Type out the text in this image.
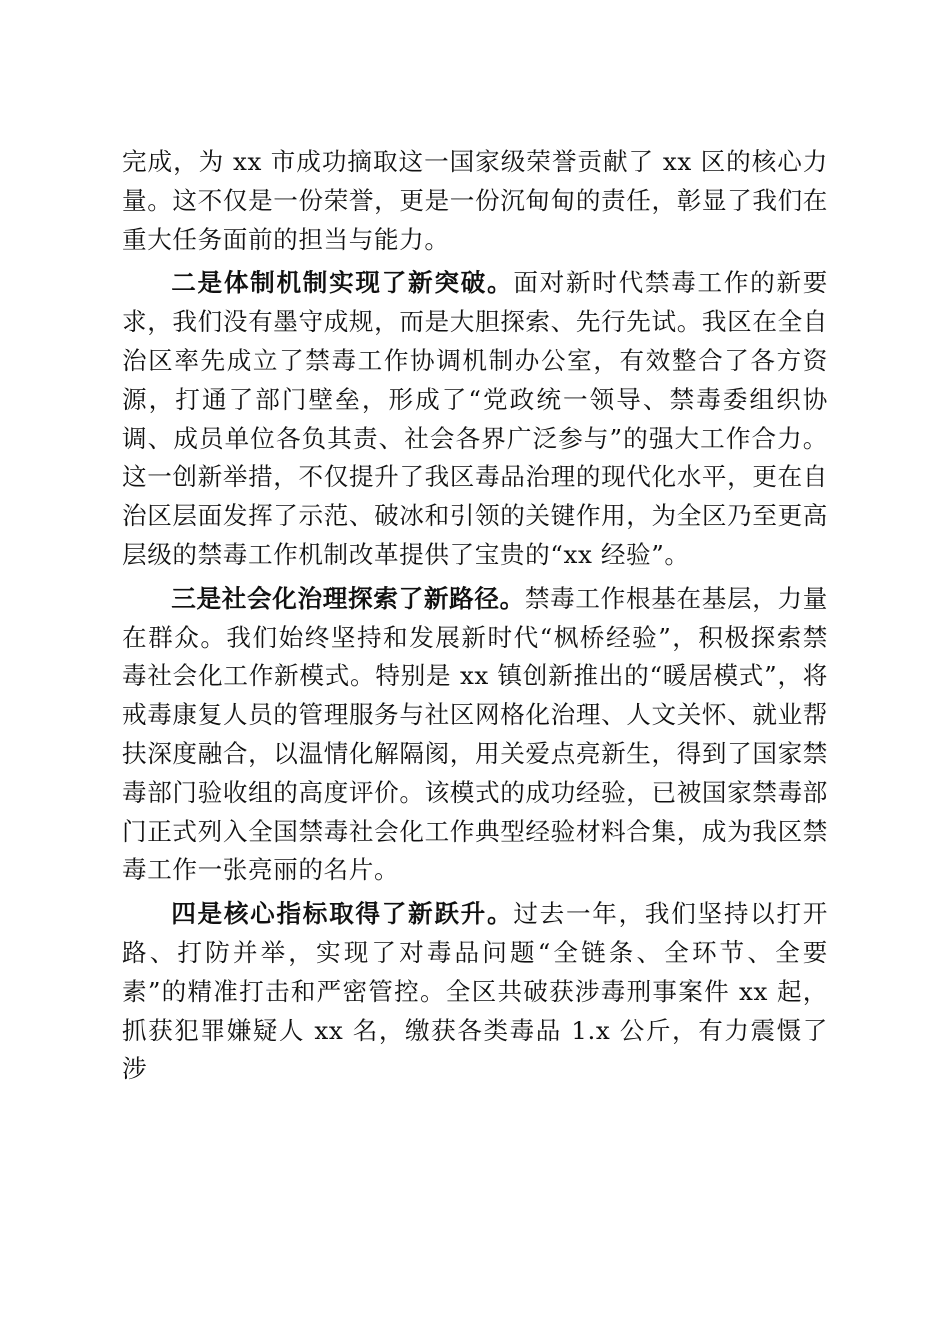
完成，为 xx 市成功摘取这一国家级荣誉贡献了 xx 区的核心力量。这不仅是一份荣誉，更是一份沉甸甸的责任，彰显了我们在重大任务面前的担当与能力。

二是体制机制实现了新突破。面对新时代禁毒工作的新要求，我们没有墨守成规，而是大胆探索、先行先试。我区在全自治区率先成立了禁毒工作协调机制办公室，有效整合了各方资源，打通了部门壁垒，形成了“党政统一领导、禁毒委组织协调、成员单位各负其责、社会各界广泛参与”的强大工作合力。这一创新举措，不仅提升了我区毒品治理的现代化水平，更在自治区层面发挥了示范、破冰和引领的关键作用，为全区乃至更高层级的禁毒工作机制改革提供了宝贵的“xx 经验”。

三是社会化治理探索了新路径。禁毒工作根基在基层，力量在群众。我们始终坚持和发展新时代“枫桥经验”，积极探索禁毒社会化工作新模式。特别是 xx 镇创新推出的“暖居模式”，将戒毒康复人员的管理服务与社区网格化治理、人文关怀、就业帮扶深度融合，以温情化解隔阂，用关爱点亮新生，得到了国家禁毒部门验收组的高度评价。该模式的成功经验，已被国家禁毒部门正式列入全国禁毒社会化工作典型经验材料合集，成为我区禁毒工作一张亮丽的名片。

四是核心指标取得了新跃升。过去一年，我们坚持以打开路、打防并举，实现了对毒品问题“全链条、全环节、全要素”的精准打击和严密管控。全区共破获涉毒刑事案件 xx 起，抓获犯罪嫌疑人 xx 名，缴获各类毒品 1.x 公斤，有力震慑了涉
